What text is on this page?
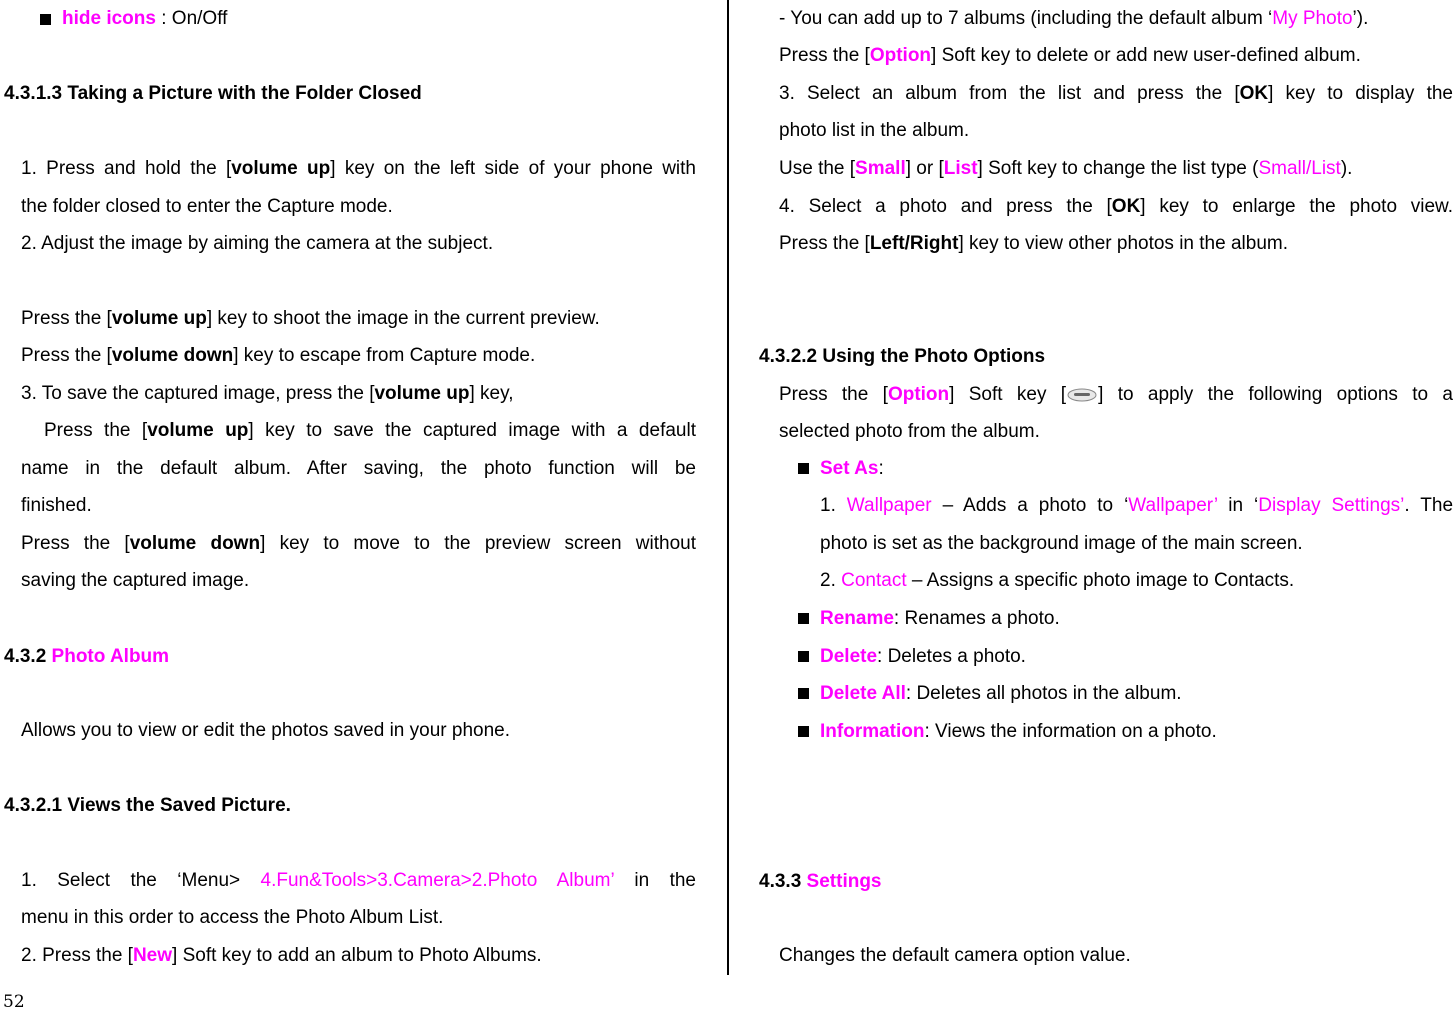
hide icons : On/Off
4.3.1.3 Taking a Picture with the Folder Closed
1. Press and hold the [volume up] key on the left side of your phone with
the folder closed to enter the Capture mode.
2. Adjust the image by aiming the camera at the subject.
Press the [volume up] key to shoot the image in the current preview.
Press the [volume down] key to escape from Capture mode.
3. To save the captured image, press the [volume up] key,
Press the [volume up] key to save the captured image with a default
name in the default album. After saving, the photo function will be
finished.
Press the [volume down] key to move to the preview screen without
saving the captured image.
4.3.2 Photo Album
Allows you to view or edit the photos saved in your phone.
4.3.2.1 Views the Saved Picture.
1. Select the ‘Menu> 4.Fun&Tools>3.Camera>2.Photo Album’ in the
menu in this order to access the Photo Album List.
2. Press the [New] Soft key to add an album to Photo Albums.
- You can add up to 7 albums (including the default album ‘My Photo’).
Press the [Option] Soft key to delete or add new user-defined album.
3. Select an album from the list and press the [OK] key to display the
photo list in the album.
Use the [Small] or [List] Soft key to change the list type (Small/List).
4. Select a photo and press the [OK] key to enlarge the photo view.
Press the [Left/Right] key to view other photos in the album.
4.3.2.2 Using the Photo Options
Press the [Option] Soft key [ ] to apply the following options to a
selected photo from the album.
Set As:
1. Wallpaper – Adds a photo to ‘Wallpaper’ in ‘Display Settings’. The
photo is set as the background image of the main screen.
2. Contact – Assigns a specific photo image to Contacts.
Rename: Renames a photo.
Delete: Deletes a photo.
Delete All: Deletes all photos in the album.
Information: Views the information on a photo.
4.3.3 Settings
Changes the default camera option value.
52
